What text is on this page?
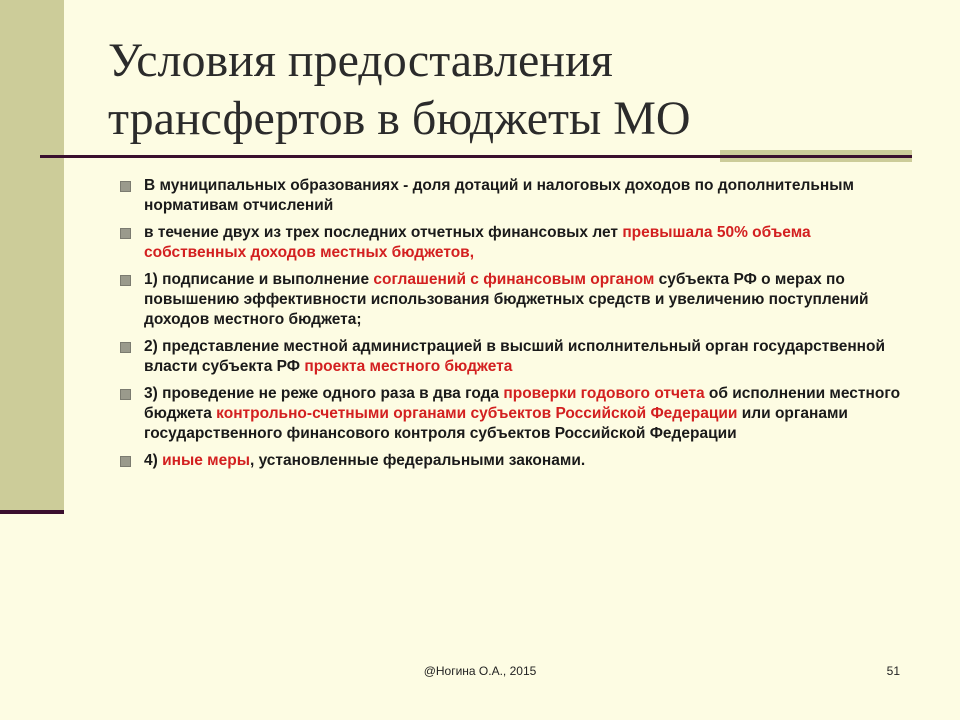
Условия предоставления
трансфертов в бюджеты МО
В муниципальных образованиях - доля дотаций и налоговых доходов по дополнительным нормативам отчислений
в течение двух из трех последних отчетных финансовых лет превышала 50% объема собственных доходов местных бюджетов,
1) подписание и выполнение соглашений с финансовым органом субъекта РФ о мерах по повышению эффективности использования бюджетных средств и увеличению поступлений доходов местного бюджета;
2) представление местной администрацией в высший исполнительный орган государственной власти субъекта РФ проекта местного бюджета
3) проведение не реже одного раза в два года проверки годового отчета об исполнении местного бюджета контрольно-счетными органами субъектов Российской Федерации или органами государственного финансового контроля субъектов Российской Федерации
4) иные меры, установленные федеральными законами.
@Ногина О.А., 2015	51
